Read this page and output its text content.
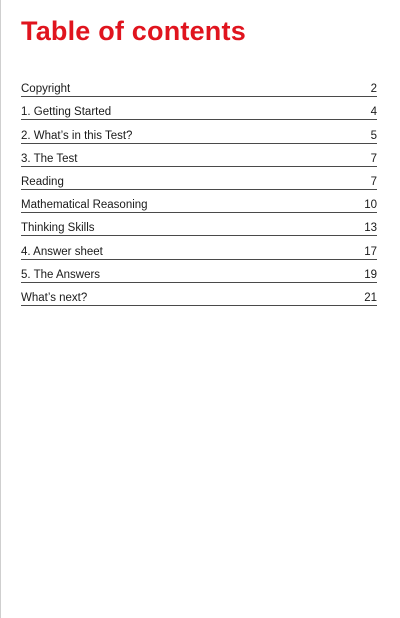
Table of contents
Copyright	2
1. Getting Started	4
2. What’s in this Test?	5
3. The Test	7
Reading	7
Mathematical Reasoning	10
Thinking Skills	13
4. Answer sheet	17
5. The Answers	19
What’s next?	21
